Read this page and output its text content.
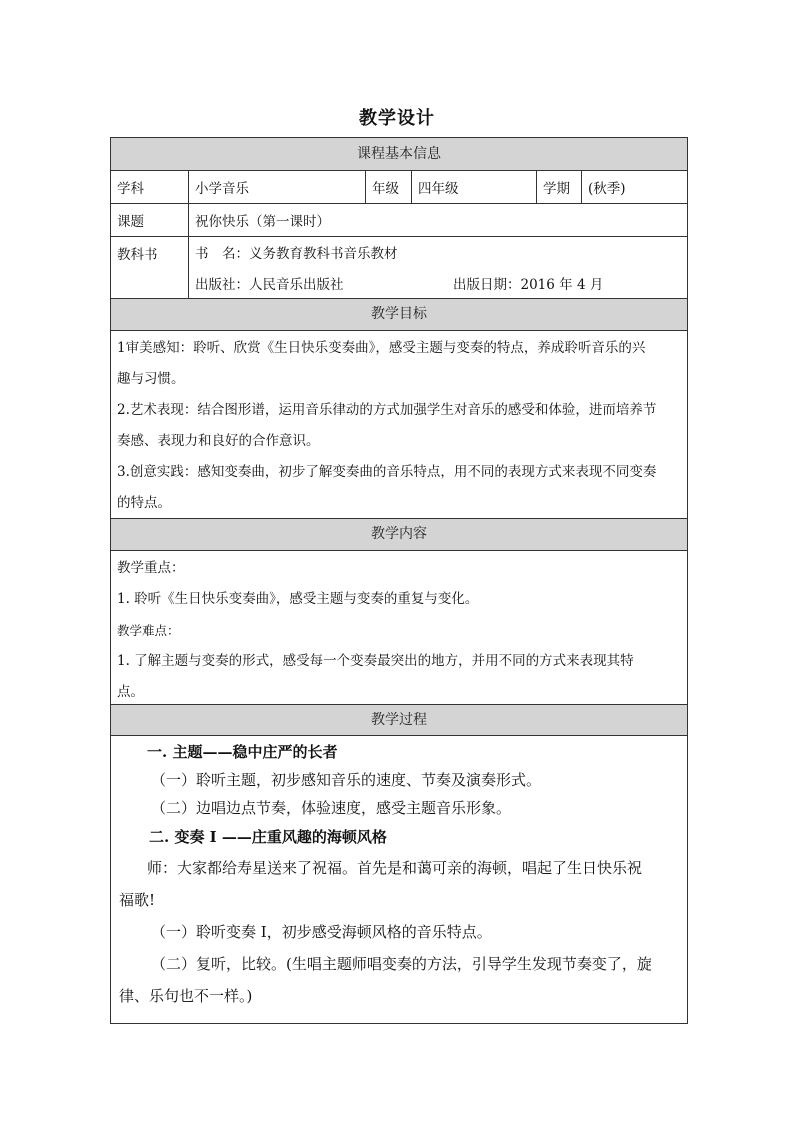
教学设计
课程基本信息
学科	小学音乐	年级	四年级	学期	(秋季)
课题	祝你快乐（第一课时）
教科书	书　名：义务教育教科书音乐教材
出版社：人民音乐出版社	出版日期：2016 年 4 月
教学目标
1审美感知：聆听、欣赏《生日快乐变奏曲》，感受主题与变奏的特点，养成聆听音乐的兴
趣与习惯。
2.艺术表现：结合图形谱，运用音乐律动的方式加强学生对音乐的感受和体验，进而培养节
奏感、表现力和良好的合作意识。
3.创意实践：感知变奏曲，初步了解变奏曲的音乐特点，用不同的表现方式来表现不同变奏
的特点。
教学内容
教学重点：
1. 聆听《生日快乐变奏曲》，感受主题与变奏的重复与变化。
教学难点：
1. 了解主题与变奏的形式，感受每一个变奏最突出的地方，并用不同的方式来表现其特
点。
教学过程
一. 主题——稳中庄严的长者
（一）聆听主题，初步感知音乐的速度、节奏及演奏形式。
（二）边唱边点节奏，体验速度，感受主题音乐形象。
二. 变奏 I ——庄重风趣的海顿风格
师：大家都给寿星送来了祝福。首先是和蔼可亲的海顿，唱起了生日快乐祝
福歌!
（一）聆听变奏 I，初步感受海顿风格的音乐特点。
（二）复听，比较。(生唱主题师唱变奏的方法，引导学生发现节奏变了，旋
律、乐句也不一样。)
